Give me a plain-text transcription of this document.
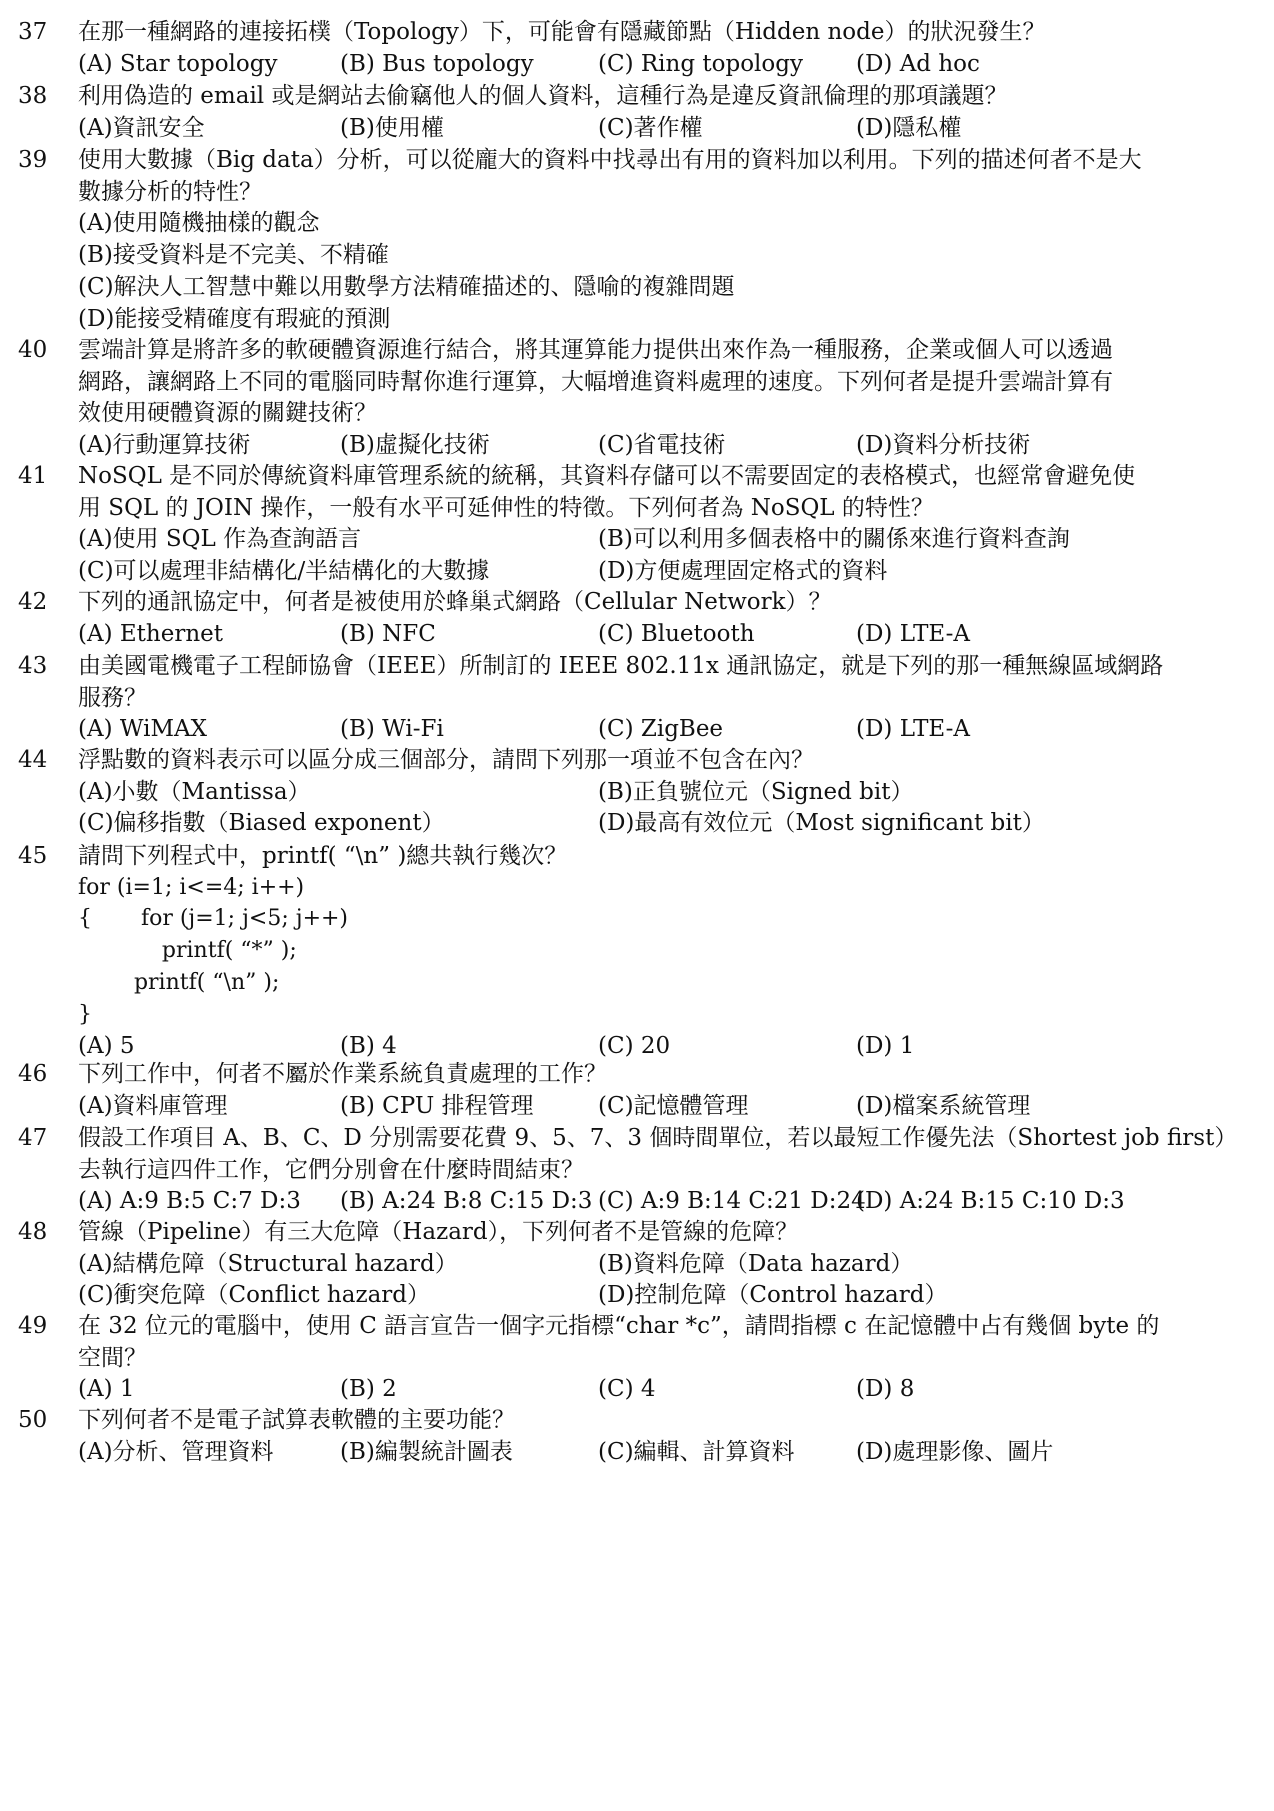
37 在那一種網路的連接拓樸（Topology）下，可能會有隱藏節點（Hidden node）的狀況發生？
(A) Star topology	(B) Bus topology	(C) Ring topology (D) Ad hoc
38 利用偽造的 email 或是網站去偷竊他人的個人資料，這種行為是違反資訊倫理的那項議題？
(A)資訊安全	(B)使用權	(C)著作權	(D)隱私權
39 使用大數據（Big data）分析，可以從龐大的資料中找尋出有用的資料加以利用。下列的描述何者不是大
數據分析的特性？
(A)使用隨機抽樣的觀念
(B)接受資料是不完美、不精確
(C)解決人工智慧中難以用數學方法精確描述的、隱喻的複雜問題
(D)能接受精確度有瑕疵的預測
40 雲端計算是將許多的軟硬體資源進行結合，將其運算能力提供出來作為一種服務，企業或個人可以透過
網路，讓網路上不同的電腦同時幫你進行運算，大幅增進資料處理的速度。下列何者是提升雲端計算有
效使用硬體資源的關鍵技術？
(A)行動運算技術	(B)虛擬化技術	(C)省電技術	(D)資料分析技術
41 NoSQL 是不同於傳統資料庫管理系統的統稱，其資料存儲可以不需要固定的表格模式，也經常會避免使
用 SQL 的 JOIN 操作，一般有水平可延伸性的特徵。下列何者為 NoSQL 的特性？
(A)使用 SQL 作為查詢語言	(B)可以利用多個表格中的關係來進行資料查詢
(C)可以處理非結構化/半結構化的大數據	(D)方便處理固定格式的資料
42 下列的通訊協定中，何者是被使用於蜂巢式網路（Cellular Network）？
(A) Ethernet	(B) NFC	(C) Bluetooth	(D) LTE-A
43 由美國電機電子工程師協會（IEEE）所制訂的 IEEE 802.11x 通訊協定，就是下列的那一種無線區域網路
服務？
(A) WiMAX	(B) Wi-Fi	(C) ZigBee	(D) LTE-A
44 浮點數的資料表示可以區分成三個部分，請問下列那一項並不包含在內？
(A)小數（Mantissa）	(B)正負號位元（Signed bit）
(C)偏移指數（Biased exponent）	(D)最高有效位元（Most significant bit）
45 請問下列程式中，printf( “\n” )總共執行幾次？
for (i=1; i<=4; i++)
{       for (j=1; j<5; j++)
printf( “*” );
printf( “\n” );
}
(A) 5	(B) 4	(C) 20	(D) 1
46 下列工作中，何者不屬於作業系統負責處理的工作？
(A)資料庫管理	(B) CPU 排程管理	(C)記憶體管理	(D)檔案系統管理
47 假設工作項目 A、B、C、D 分別需要花費 9、5、7、3 個時間單位，若以最短工作優先法（Shortest job first）
去執行這四件工作，它們分別會在什麼時間結束？
(A) A:9 B:5 C:7 D:3 (B) A:24 B:8 C:15 D:3 (C) A:9 B:14 C:21 D:24
(D) A:24 B:15 C:10 D:3
48 管線（Pipeline）有三大危障（Hazard），下列何者不是管線的危障？
(A)結構危障（Structural hazard）	(B)資料危障（Data hazard）
(C)衝突危障（Conflict hazard）	(D)控制危障（Control hazard）
49 在 32 位元的電腦中，使用 C 語言宣告一個字元指標“char *c”，請問指標 c 在記憶體中占有幾個 byte 的
空間？
(A) 1	(B) 2	(C) 4	(D) 8
50 下列何者不是電子試算表軟體的主要功能？
(A)分析、管理資料	(B)編製統計圖表	(C)編輯、計算資料	(D)處理影像、圖片
